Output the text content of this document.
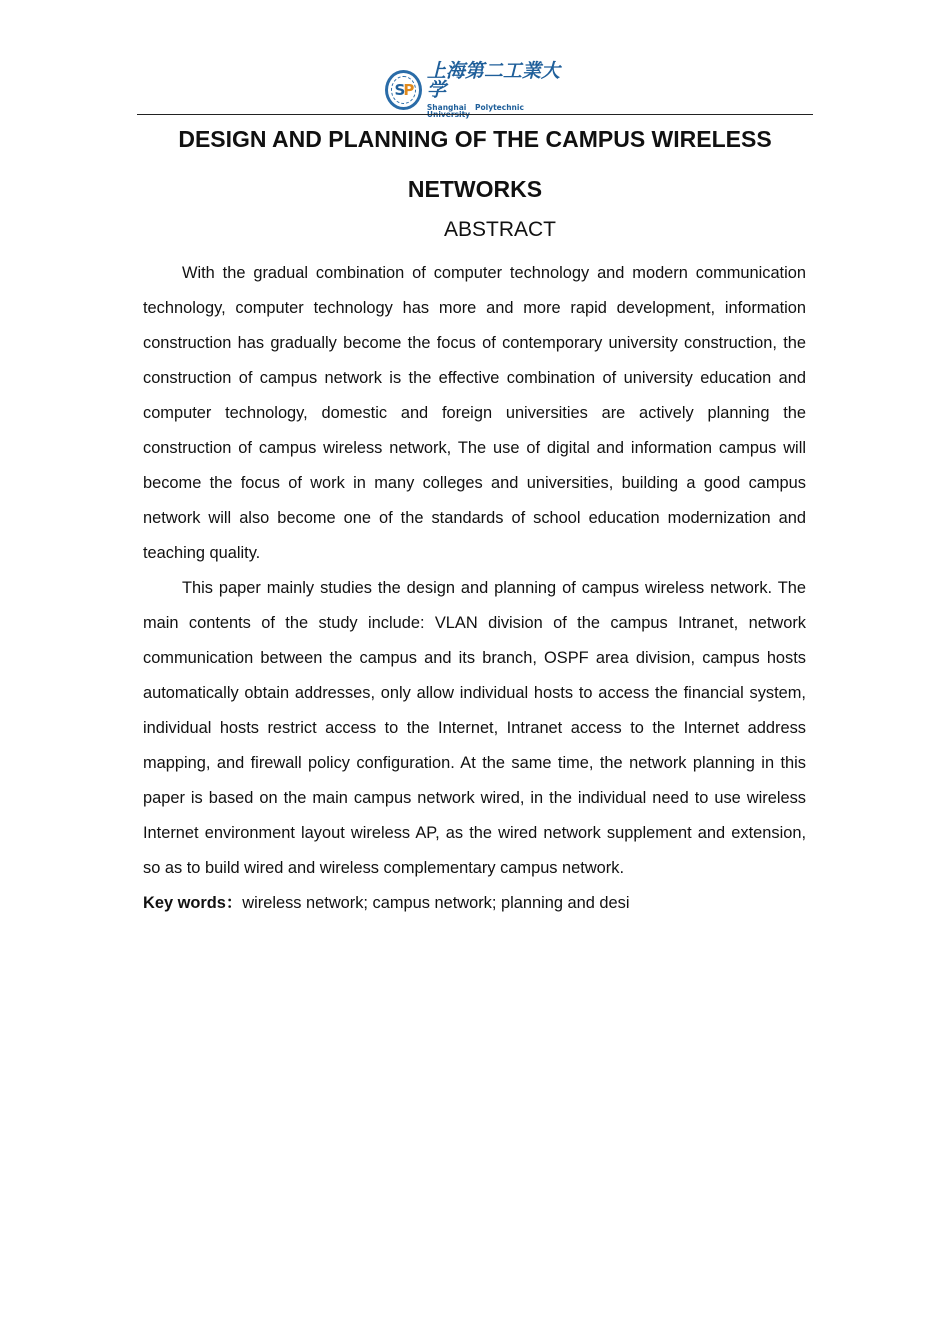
SP
上海第二工業大学
Shanghai Polytechnic University
DESIGN AND PLANNING OF THE CAMPUS WIRELESS
NETWORKS
ABSTRACT

With the gradual combination of computer technology and modern communication technology, computer technology has more and more rapid development, information construction has gradually become the focus of contemporary university construction, the construction of campus network is the effective combination of university education and computer technology, domestic and foreign universities are actively planning the construction of campus wireless network, The use of digital and information campus will become the focus of work in many colleges and universities, building a good campus network will also become one of the standards of school education modernization and teaching quality.

This paper mainly studies the design and planning of campus wireless network. The main contents of the study include: VLAN division of the campus Intranet, network communication between the campus and its branch, OSPF area division, campus hosts automatically obtain addresses, only allow individual hosts to access the financial system, individual hosts restrict access to the Internet, Intranet access to the Internet address mapping, and firewall policy configuration. At the same time, the network planning in this paper is based on the main campus network wired, in the individual need to use wireless Internet environment layout wireless AP, as the wired network supplement and extension, so as to build wired and wireless complementary campus network.

Key words：wireless network; campus network; planning and desi
